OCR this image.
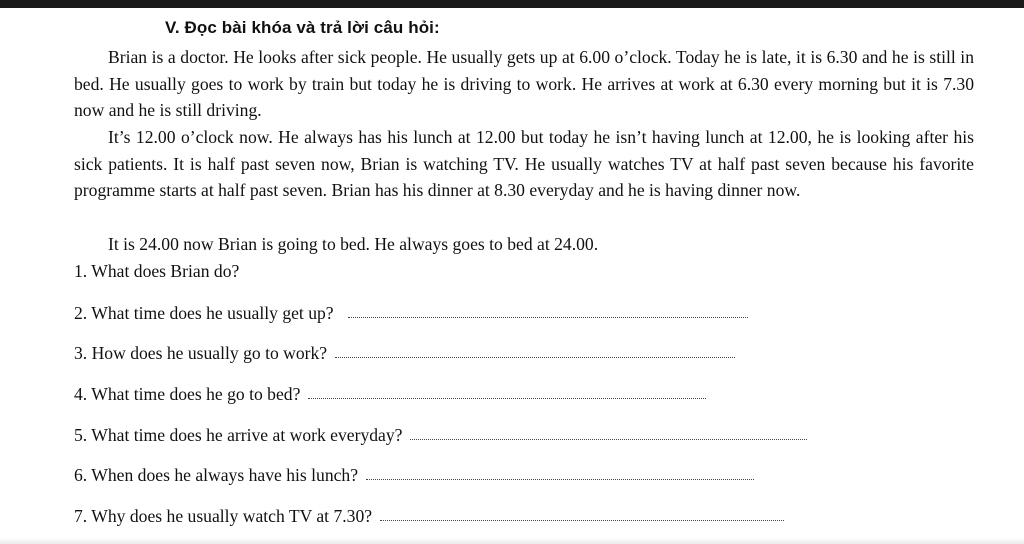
V. Đọc bài khóa và trả lời câu hỏi:
Brian is a doctor. He looks after sick people. He usually gets up at 6.00 o’clock. Today he is late, it is 6.30 and he is still in bed. He usually goes to work by train but today he is driving to work. He arrives at work at 6.30 every morning but it is 7.30 now and he is still driving.
It’s 12.00 o’clock now. He always has his lunch at 12.00 but today he isn’t having lunch at 12.00, he is looking after his sick patients. It is half past seven now, Brian is watching TV. He usually watches TV at half past seven because his favorite programme starts at half past seven. Brian has his dinner at 8.30 everyday and he is having dinner now.
It is 24.00 now Brian is going to bed. He always goes to bed at 24.00.
1. What does Brian do?
2. What time does he usually get up?
3. How does he usually go to work?
4. What time does he go to bed?
5. What time does he arrive at work everyday?
6. When does he always have his lunch?
7. Why does he usually watch TV at 7.30?
